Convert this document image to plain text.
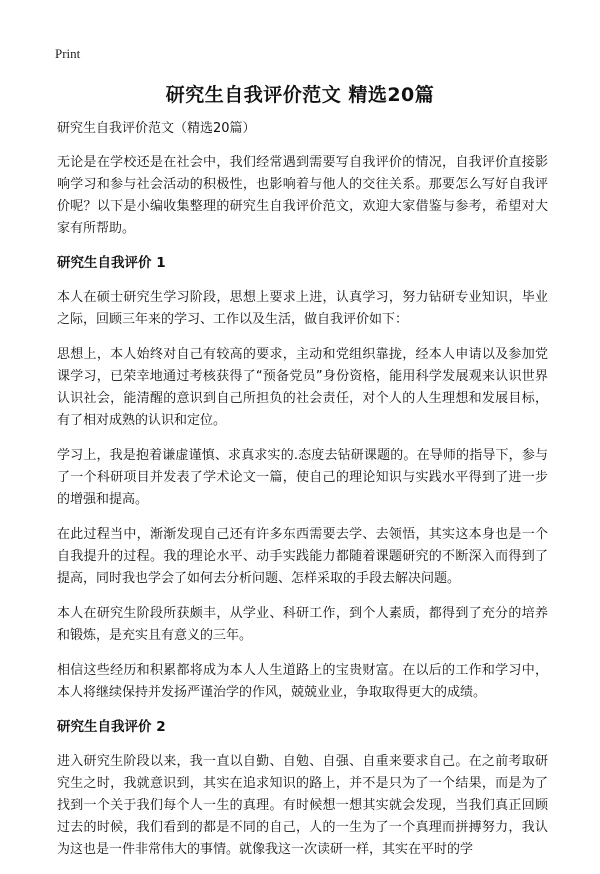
Print
研究生自我评价范文 精选20篇
研究生自我评价范文（精选20篇）

无论是在学校还是在社会中，我们经常遇到需要写自我评价的情况，自我评价直接影响学习和参与社会活动的积极性，也影响着与他人的交往关系。那要怎么写好自我评价呢？以下是小编收集整理的研究生自我评价范文，欢迎大家借鉴与参考，希望对大家有所帮助。

研究生自我评价 1

本人在硕士研究生学习阶段，思想上要求上进，认真学习，努力钻研专业知识，毕业之际，回顾三年来的学习、工作以及生活，做自我评价如下：

思想上，本人始终对自己有较高的要求，主动和党组织靠拢，经本人申请以及参加党课学习，已荣幸地通过考核获得了“预备党员”身份资格，能用科学发展观来认识世界认识社会，能清醒的意识到自己所担负的社会责任，对个人的人生理想和发展目标，有了相对成熟的认识和定位。

学习上，我是抱着谦虚谨慎、求真求实的.态度去钻研课题的。在导师的指导下，参与了一个科研项目并发表了学术论文一篇，使自己的理论知识与实践水平得到了进一步的增强和提高。

在此过程当中，渐渐发现自己还有许多东西需要去学、去领悟，其实这本身也是一个自我提升的过程。我的理论水平、动手实践能力都随着课题研究的不断深入而得到了提高，同时我也学会了如何去分析问题、怎样采取的手段去解决问题。

本人在研究生阶段所获颇丰，从学业、科研工作，到个人素质，都得到了充分的培养和锻炼，是充实且有意义的三年。

相信这些经历和积累都将成为本人人生道路上的宝贵财富。在以后的工作和学习中，本人将继续保持并发扬严谨治学的作风，兢兢业业，争取取得更大的成绩。

研究生自我评价 2

进入研究生阶段以来，我一直以自勤、自勉、自强、自重来要求自己。在之前考取研究生之时，我就意识到，其实在追求知识的路上，并不是只为了一个结果，而是为了找到一个关于我们每个人一生的真理。有时候想一想其实就会发现，当我们真正回顾过去的时候，我们看到的都是不同的自己，人的一生为了一个真理而拼搏努力，我认为这也是一件非常伟大的事情。就像我这一次读研一样，其实在平时的学
